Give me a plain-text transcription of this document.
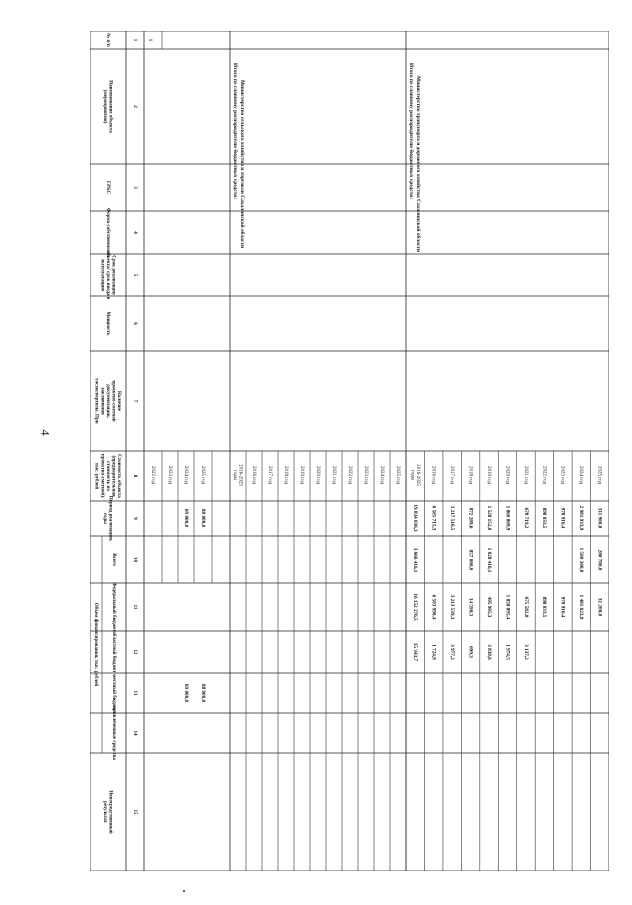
4
№ п/п
Наименование объекта
(мероприятия)
ГРБС
Форма собственности
Срок реализации
объекта/ срок ввода в
эксплуатацию
Мощность
Наличие
проектно-сметной
документации,
заключения
госэкспертизы. При
Стоимость объекта
(предварительная
стоимость по
проектно-сметной),
тыс. рублей
Период реализации,
годы
Всего
Федеральный бюджет
областной бюджет
местный бюджет
привлеченные средства
Непосредственный
результат
Объем финансирования, тыс. рублей
1
2
3
4
5
6
7
8
9
10
11
12
13
14
15
1
2022 год 2023 год 2024 год
69 000,0
69 000,0
2025 год
88 000,0
88 000,0
Итого по главному распорядителю бюджетных средств: Министерство сельского хозяйства и торговли Сахалинской области
2016-2025
годы	2016 год 2017 год 2018 год 2019 год 2020 год 2021 год 2022 год 2023 год 2024 год 2025 год
Итого по главному распорядителю бюджетных средств: Министерство транспорта и дорожного хозяйства Сахалинской области
2016-2025
годы
19 834 036,3
3 666 416,1
16 152 276,5
15 343,7
2016 год
6 505 715,3
6 503 990,4
1 724,9
2017 год
3 217 516,5
3 213 539,3
3 977,2
2018 год
872 289,6
857 000,0
14 590,3
699,3
2019 год
1 528 152,0
1 028 416,1
495 905,3
3 830,6
2020 год
1 860 869,9
1 858 895,4
1 974,5
2021 год
678 719,2
675 582,0
3 137,2
2022 год
898 033,5
898 033,5
2023 год
978 916,4
978 916,4
2024 год
2 981 933,9
1 500 300,0
1 481 623,9
2025 год
311 900,0
280 700,0
31 200,0
